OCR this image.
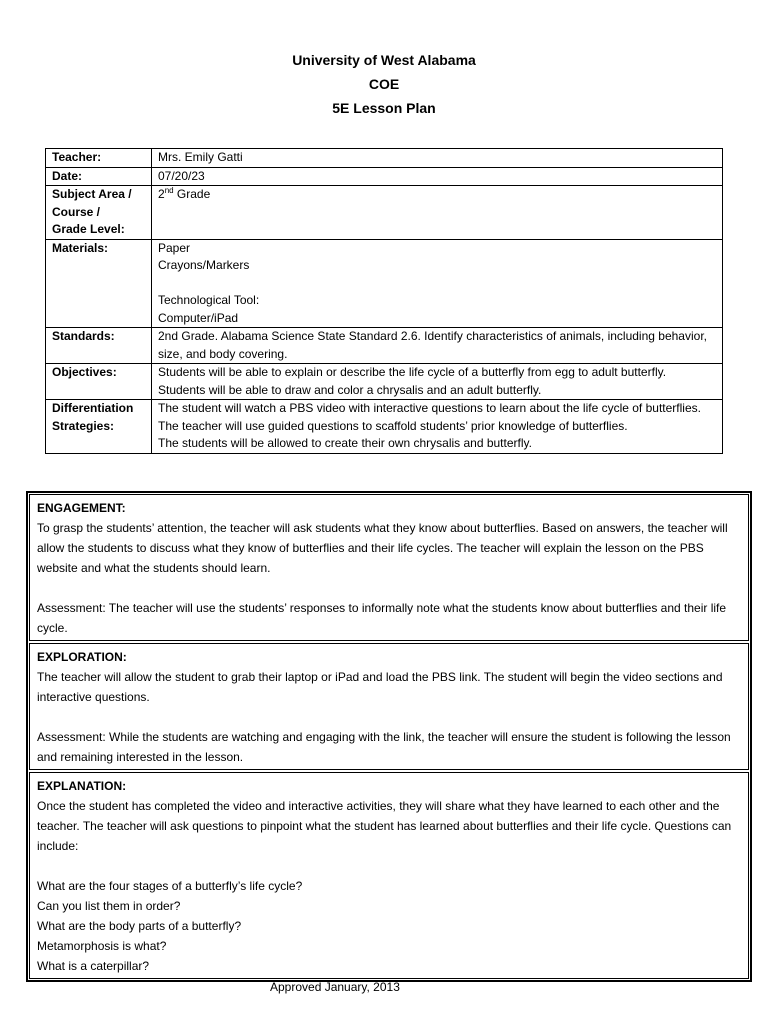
University of West Alabama

COE

5E Lesson Plan

Teacher:	Mrs. Emily Gatti
Date:	07/20/23
Subject Area /
Course /
Grade Level:	2nd Grade

Materials:	Paper
Crayons/Markers

Technological Tool:
Computer/iPad
Standards:	2nd Grade. Alabama Science State Standard 2.6. Identify characteristics of animals, including behavior, size, and body covering.
Objectives:	Students will be able to explain or describe the life cycle of a butterfly from egg to adult butterfly.
Students will be able to draw and color a chrysalis and an adult butterfly.
Differentiation
Strategies:	The student will watch a PBS video with interactive questions to learn about the life cycle of butterflies.
The teacher will use guided questions to scaffold students’ prior knowledge of butterflies.
The students will be allowed to create their own chrysalis and butterfly.
ENGAGEMENT:

To grasp the students’ attention, the teacher will ask students what they know about butterflies. Based on answers, the teacher will allow the students to discuss what they know of butterflies and their life cycles. The teacher will explain the lesson on the PBS website and what the students should learn.

Assessment: The teacher will use the students’ responses to informally note what the students know about butterflies and their life cycle.

EXPLORATION:

The teacher will allow the student to grab their laptop or iPad and load the PBS link. The student will begin the video sections and interactive questions.

Assessment: While the students are watching and engaging with the link, the teacher will ensure the student is following the lesson and remaining interested in the lesson.

EXPLANATION:

Once the student has completed the video and interactive activities, they will share what they have learned to each other and the teacher. The teacher will ask questions to pinpoint what the student has learned about butterflies and their life cycle. Questions can include:

What are the four stages of a butterfly’s life cycle?

Can you list them in order?

What are the body parts of a butterfly?

Metamorphosis is what?

What is a caterpillar?

Approved January, 2013
